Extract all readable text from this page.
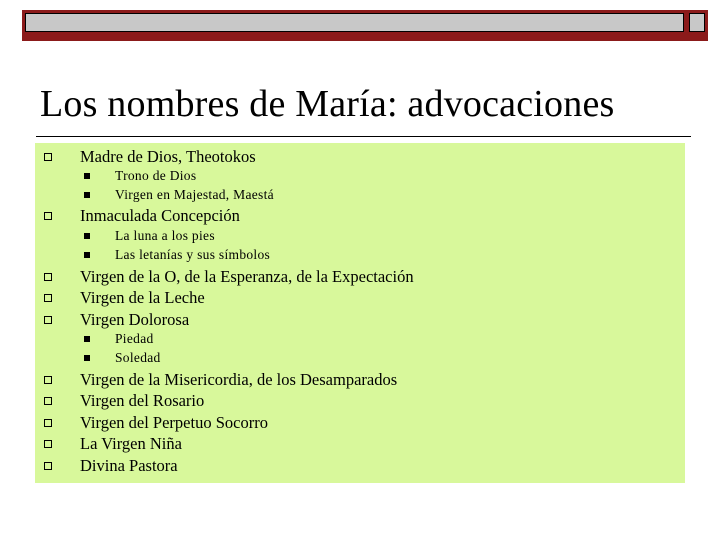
Los nombres de María: advocaciones
Madre de Dios, Theotokos
Trono de Dios
Virgen en Majestad, Maestá
Inmaculada Concepción
La luna a los pies
Las letanías y sus símbolos
Virgen de la O, de la Esperanza, de la Expectación
Virgen de la Leche
Virgen Dolorosa
Piedad
Soledad
Virgen de la Misericordia, de los Desamparados
Virgen del Rosario
Virgen del Perpetuo Socorro
La Virgen Niña
Divina Pastora
